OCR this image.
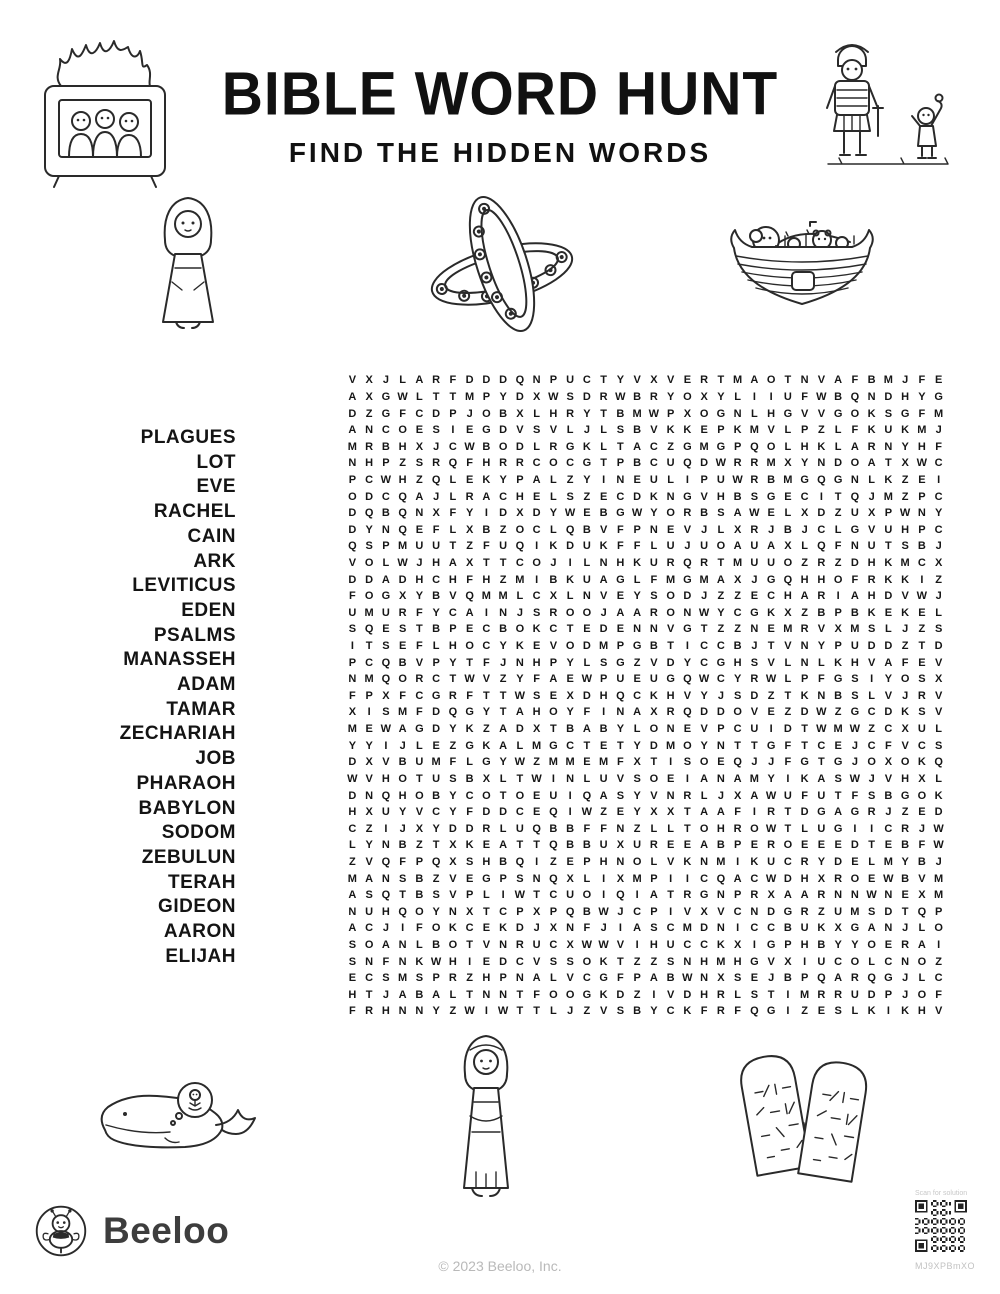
BIBLE WORD HUNT
FIND THE HIDDEN WORDS
PLAGUES
LOT
EVE
RACHEL
CAIN
ARK
LEVITICUS
EDEN
PSALMS
MANASSEH
ADAM
TAMAR
ZECHARIAH
JOB
PHARAOH
BABYLON
SODOM
ZEBULUN
TERAH
GIDEON
AARON
ELIJAH
V X J L A R F D D D Q N P U C T Y V X V E R T M A O T N V A F B M J F E
A X G W L T T M P Y D X W S D R W B R Y O X Y L	I	I	U F W B Q N D H Y G
D Z G F C D P J O B X L H R Y T B M W P X O G N L H G V V G O K S G F M
A N C O E S	I	E G D V S V L J L S B V K K E P K M V L P Z L F K U K M J
M R B H X J C W B O D L R G K L T A C Z G M G P Q O L H K L A R N Y H F
N H P Z S R Q F H R R C O C G T P B C U Q D W R R M X Y N D O A T X W C
P C W H Z Q L E K Y P A L Z Y	I	N E U L	I	P U W R B M G Q G N L K Z E	I
O D C Q A J L R A C H E L S Z E C D K N G V H B S G E C	I	T Q J M Z P C
D Q B Q N X F Y	I	D X D Y W E B G W Y O R B S A W E L X D Z U X P W N Y
D Y N Q E F L X B Z O C L Q B V F P N E V J L X R J B J C L G V U H P C
Q S P M U U T Z F U Q I	K D U K F F L U J U O A U A X L Q F N U T S B J
V O L W J H A X T T C O J	I	L N H K U R Q R T M U U O Z R Z D H K M C X
D D A D H C H F H Z M I	B K U A G L F M G M A X J G Q H H O F R K K	I	Z
F O G X Y B V Q M M L C X L N V E Y S O D J Z Z E C H A R	I	A H D V W J
U M U R F Y C A	I	N J S R O O J A A R O N W Y C G K X Z B P B K E K E L
S Q E S T B P E C B O K C T E D E N N V G T Z Z N E M R V X M S L J Z S
I	T S E F L H O C Y K E V O D M P G B T	I	C C B J T V N Y P U D D Z T D
P C Q B V P Y T F J N H P Y L S G Z V D Y C G H S V L N L K H V A F E V
N M Q O R C T W V Z Y F A E W P U E U G Q W C Y R W L P F G S	I	Y O S X
F P X F C G R F T T W S E X D H Q C K H V Y J S D Z T K N B S L V J R V
X	I	S M F D Q G Y T A H O Y F	I	N A X R Q D D O V E Z D W Z G C D K S V
M E W A G D Y K Z A D X T B A B Y L O N E V P C U	I	D T W M W Z C X U L
Y Y	I	J L E Z G K A L M G C T E T Y D M O Y N T T G F T C E J C F V C S
D X V B U M F L G Y W Z M M E M F X T	I	S O E Q J J F G T G J O X O K Q
W V H O T U S B X L T W I	N L U V S O E	I	A N A M Y	I	K A S W J V H X L
D N Q H O B Y C O T O E U	I Q A S Y V N R L J X A W U F U T F S B G O K
H X U Y V C Y F D D C E Q I W Z E Y X X T A A F	I	R T D G A G R J Z E D
C Z	I	J X Y D D R L U Q B B F F N Z L L T O H R O W T L U G I	I	C R J W
L Y N B Z T X K E A T T Q B B U X U R E E A B P E R O E E E D T E B F W
Z V Q F P Q X S H B Q I	Z E P H N O L V K N M I	K U C R Y D E L M Y B J
M A N S B Z V E G P S N Q X L	I	X M P	I	I	C Q A C W D H X R O E W B V M
A S Q T B S V P L	I W T C U O I Q I	A T R G N P R X A A R N N W N E X M
N U H Q O Y N X T C P X P Q B W J C P	I	V X V C N D G R Z U M S D T Q P
A C J	I	F O K C E K D J X N F J	I	A S C M D N	I	C C B U K X G A N J L O
S O A N L B O T V N R U C X W W V	I	H U C C K X	I G P H B Y Y O E R A	I
S N F N K W H	I	E D C V S S O K T Z Z S N H M H G V X	I	U C O L C N O Z
E C S M S P R Z H P N A L V C G F P A B W N X S E J B P Q A R Q G J L C
H T J A B A L T N N T F O O G K D Z	I	V D H R L S T	I M R R U D P J O F
F R H N N Y Z W I W T T L J Z V S B Y C K F R F Q G I	Z E S L K	I	K H V
Beeloo
© 2023 Beeloo, Inc.
Scan for solution
MJ9XPBmXO
